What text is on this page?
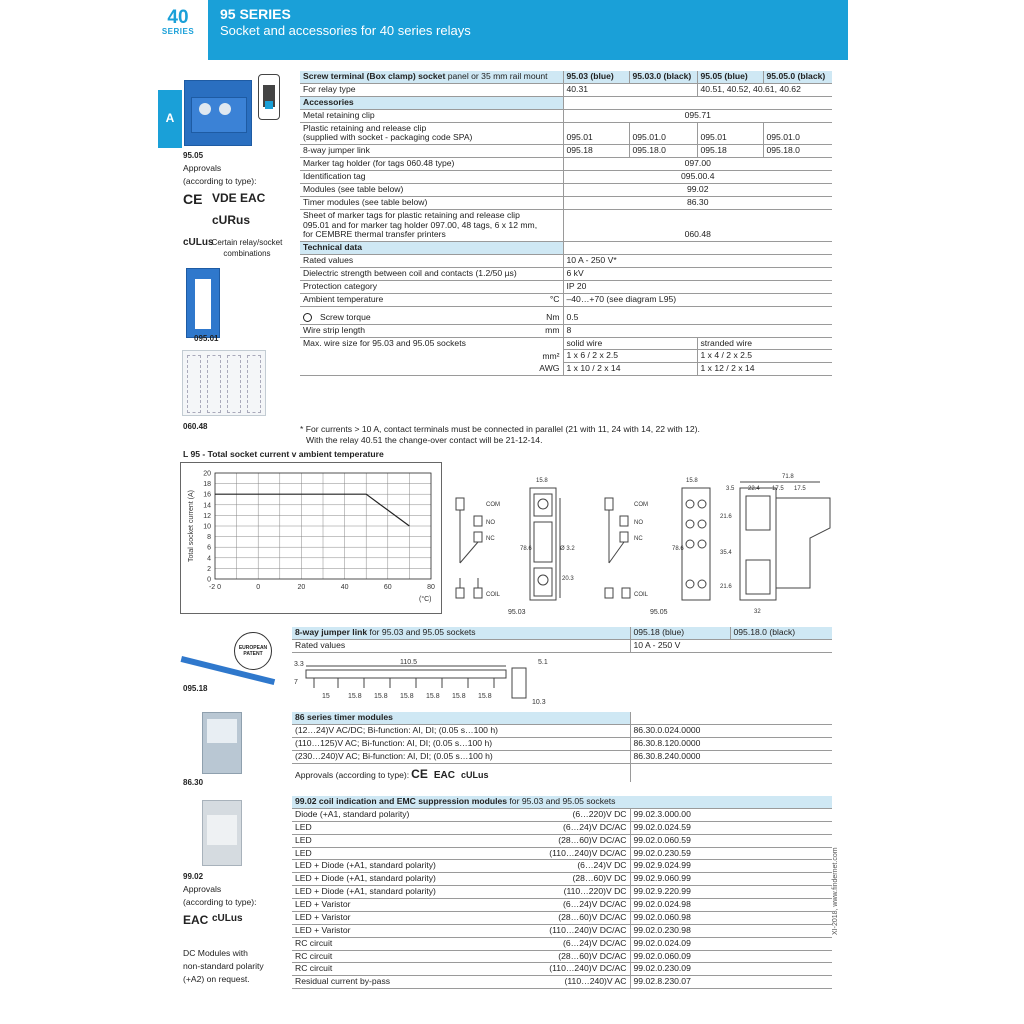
40
SERIES
95 SERIES
Socket and accessories for 40 series relays	finder
A
95.05
Approvals
(according to type):
CE VDE EAC
cURus
cULus
Certain relay/socket combinations
095.01
060.48
Screw terminal (Box clamp) socket panel or 35 mm rail mount	95.03 (blue)	95.03.0 (black)	95.05 (blue)	95.05.0 (black)
For relay type	40.31		40.51, 40.52, 40.61, 40.62	
Accessories				
Metal retaining clip	095.71			

Plastic retaining and release clip
(supplied with socket - packaging code SPA)	095.01	095.01.0	095.01	095.01.0
8-way jumper link	095.18	095.18.0	095.18	095.18.0
Marker tag holder (for tags 060.48 type)	097.00			
Identification tag	095.00.4			
Modules (see table below)	99.02			
Timer modules (see table below)	86.30			

Sheet of marker tags for plastic retaining and release clip
095.01 and for marker tag holder 097.00, 48 tags, 6 x 12 mm,
for CEMBRE thermal transfer printers	060.48			
Technical data				
Rated values	10 A - 250 V*			
Dielectric strength between coil and contacts (1.2/50 µs)	6 kV			
Protection category	IP 20			
Ambient temperature °C	–40…+70 (see diagram L95)			
Screw torque Nm	0.5			
Wire strip length mm	8			
Max. wire size for 95.03 and 95.05 sockets	solid wire		stranded wire	
mm²	1 x 6 / 2 x 2.5		1 x 4 / 2 x 2.5	
AWG	1 x 10 / 2 x 14		1 x 12 / 2 x 14	
* For currents > 10 A, contact terminals must be connected in parallel (21 with 11, 24 with 14, 22 with 12).
With the relay 40.51 the change-over contact will be 21-12-14.
L 95 - Total socket current v ambient temperature
0
2
4
6
8
10
12
14
16
18
20
-2 0	0	20	40	60	80
(°C)
Total socket current (A)	COM
NO
NC
COIL
15.8
78.6	Ø 3.2
20.3
95.03
COM
NO
NC
COIL
15.8
78.6
95.05
71.8
3.5 22.4 17.5 17.5
21.6
35.4
21.6
32
EUROPEAN PATENT
095.18
8-way jumper link for 95.03 and 95.05 sockets	095.18 (blue)	095.18.0 (black)
Rated values	10 A - 250 V	
110.5	5.1
3.3
7
15	15.8 15.8 15.8 15.8 15.8 15.8
10.3
86.30
86 series timer modules	
(12…24)V AC/DC; Bi-function: AI, DI; (0.05 s…100 h)	86.30.0.024.0000
(110…125)V AC; Bi-function: AI, DI; (0.05 s…100 h)	86.30.8.120.0000
(230…240)V AC; Bi-function: AI, DI; (0.05 s…100 h)	86.30.8.240.0000
Approvals (according to type): CE EAC cULus	
99.02
Approvals
(according to type):
EAC cULus
DC Modules with
non-standard polarity
(+A2) on request.
99.02 coil indication and EMC suppression modules for 95.03 and 95.05 sockets		
Diode (+A1, standard polarity)	(6…220)V DC	99.02.3.000.00
LED	(6…24)V DC/AC	99.02.0.024.59
LED	(28…60)V DC/AC	99.02.0.060.59
LED	(110…240)V DC/AC	99.02.0.230.59
LED + Diode (+A1, standard polarity)	(6…24)V DC	99.02.9.024.99
LED + Diode (+A1, standard polarity)	(28…60)V DC	99.02.9.060.99
LED + Diode (+A1, standard polarity)	(110…220)V DC	99.02.9.220.99
LED + Varistor	(6…24)V DC/AC	99.02.0.024.98
LED + Varistor	(28…60)V DC/AC	99.02.0.060.98
LED + Varistor	(110…240)V DC/AC	99.02.0.230.98
RC circuit	(6…24)V DC/AC	99.02.0.024.09
RC circuit	(28…60)V DC/AC	99.02.0.060.09
RC circuit	(110…240)V DC/AC	99.02.0.230.09
Residual current by-pass	(110…240)V AC	99.02.8.230.07
XI-2018, www.findernet.com
